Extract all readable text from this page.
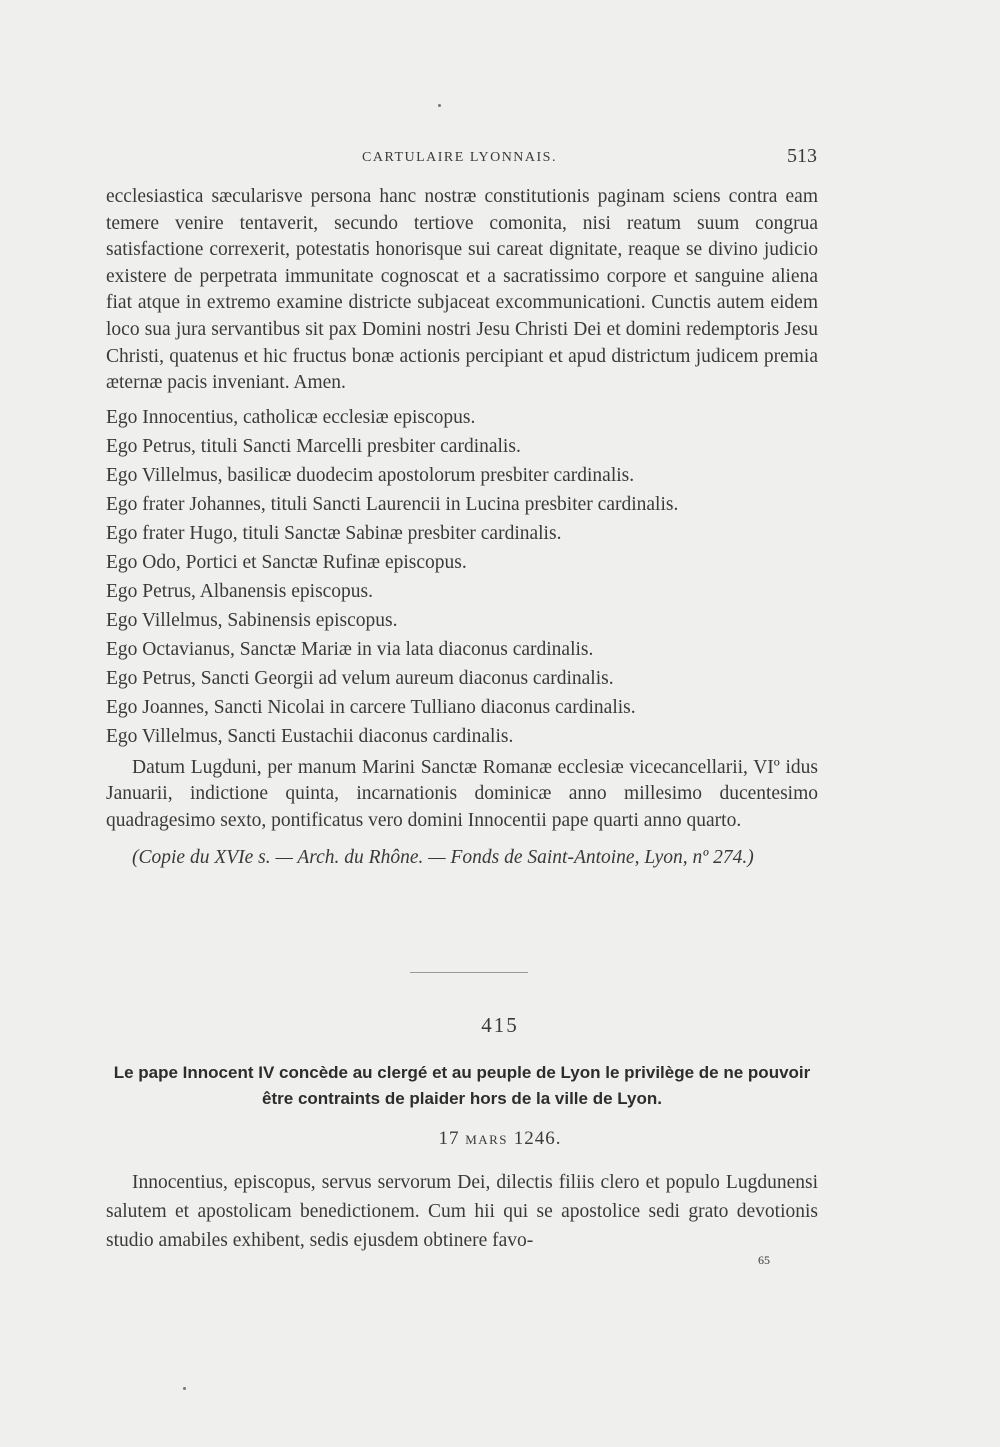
CARTULAIRE LYONNAIS.	513

ecclesiastica sæcularisve persona hanc nostræ constitutionis paginam sciens contra eam temere venire tentaverit, secundo tertiove comonita, nisi reatum suum congrua satisfactione correxerit, potestatis honorisque sui careat dignitate, reaque se divino judicio existere de perpetrata immunitate cognoscat et a sacratissimo corpore et sanguine aliena fiat atque in extremo examine districte subjaceat excommunicationi. Cunctis autem eidem loco sua jura servantibus sit pax Domini nostri Jesu Christi Dei et domini redemptoris Jesu Christi, quatenus et hic fructus bonæ actionis percipiant et apud districtum judicem premia æternæ pacis inveniant. Amen.

Ego Innocentius, catholicæ ecclesiæ episcopus.

Ego Petrus, tituli Sancti Marcelli presbiter cardinalis.

Ego Villelmus, basilicæ duodecim apostolorum presbiter cardinalis.

Ego frater Johannes, tituli Sancti Laurencii in Lucina presbiter cardinalis.

Ego frater Hugo, tituli Sanctæ Sabinæ presbiter cardinalis.

Ego Odo, Portici et Sanctæ Rufinæ episcopus.

Ego Petrus, Albanensis episcopus.

Ego Villelmus, Sabinensis episcopus.

Ego Octavianus, Sanctæ Mariæ in via lata diaconus cardinalis.

Ego Petrus, Sancti Georgii ad velum aureum diaconus cardinalis.

Ego Joannes, Sancti Nicolai in carcere Tulliano diaconus cardinalis.

Ego Villelmus, Sancti Eustachii diaconus cardinalis.

Datum Lugduni, per manum Marini Sanctæ Romanæ ecclesiæ vicecancellarii, VIº idus Januarii, indictione quinta, incarnationis dominicæ anno millesimo ducentesimo quadragesimo sexto, pontificatus vero domini Innocentii pape quarti anno quarto.

(Copie du XVIe s. — Arch. du Rhône. — Fonds de Saint-Antoine, Lyon, nº 274.)

415
Le pape Innocent IV concède au clergé et au peuple de Lyon le privilège de ne pouvoir être contraints de plaider hors de la ville de Lyon.
17 MARS 1246.

Innocentius, episcopus, servus servorum Dei, dilectis filiis clero et populo Lugdunensi salutem et apostolicam benedictionem. Cum hii qui se apostolice sedi grato devotionis studio amabiles exhibent, sedis ejusdem obtinere favo-

65
